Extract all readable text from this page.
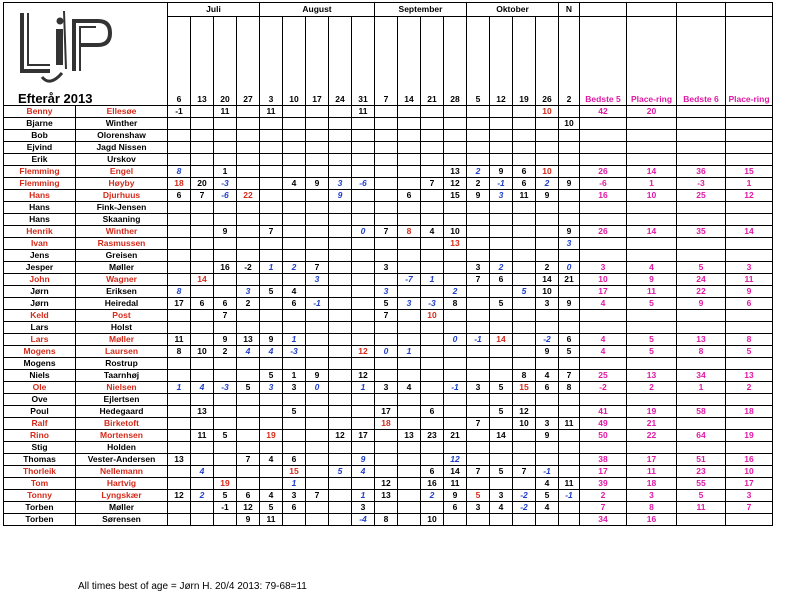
Efterår 2013		Juli				August					September				Oktober				N				
		6	13	20	27	3	10	17	24	31	7	14	21	28	5	12	19	26	2	Bedste 5	Place-ring	Bedste 6	Place-ring
Benny	Ellesøe	-1		11		11				11								10		42	20		
Bjarne	Winther																		10				
Bob	Olorenshaw																						
Ejvind	Jagd Nissen																						
Erik	Urskov																						
Flemming	Engel	8		1										13	2	9	6	10		26	14	36	15
Flemming	Høyby	18	20	-3			4	9	3	-6			7	12	2	-1	6	2	9	-6	1	-3	1
Hans	Djurhuus	6	7	-6	22				9			6		15	9	3	11	9		16	10	25	12
Hans	Fink-Jensen																						
Hans	Skaaning																						
Henrik	Winther			9		7				0	7	8	4	10					9	26	14	35	14
Ivan	Rasmussen													13					3				
Jens	Greisen																						
Jesper	Møller			16	-2	1	2	7			3				3	2		2	0	3	4	5	3
John	Wagner		14					3				-7	1		7	6		14	21	10	9	24	11
Jørn	Eriksen	8			3	5	4				3			2			5	10		17	11	22	9
Jørn	Heiredal	17	6	6	2		6	-1			5	3	-3	8		5		3	9	4	5	9	6
Keld	Post			7							7		10										
Lars	Holst																						
Lars	Møller	11		9	13	9	1							0	-1	14		-2	6	4	5	13	8
Mogens	Laursen	8	10	2	4	4	-3			12	0	1						9	5	4	5	8	5
Mogens	Rostrup																						
Niels	Taarnhøj					5	1	9		12							8	4	7	25	13	34	13
Ole	Nielsen	1	4	-3	5	3	3	0		1	3	4		-1	3	5	15	6	8	-2	2	1	2
Ove	Ejlertsen																						
Poul	Hedegaard		13				5				17		6			5	12			41	19	58	18
Ralf	Birketoft										18				7		10	3	11	49	21		
Rino	Mortensen		11	5		19			12	17		13	23	21		14		9		50	22	64	19
Stig	Holden																						
Thomas	Vester-Andersen	13			7	4	6			9				12						38	17	51	16
Thorleik	Nellemann		4				15		5	4			6	14	7	5	7	-1		17	11	23	10
Tom	Hartvig			19			1				12		16	11				4	11	39	18	55	17
Tonny	Lyngskær	12	2	5	6	4	3	7		1	13		2	9	5	3	-2	5	-1	2	3	5	3
Torben	Møller			-1	12	5	6			3				6	3	4	-2	4		7	8	11	7
Torben	Sørensen				9	11				-4	8		10							34	16		
All times best of age = Jørn H. 20/4 2013: 79-68=11
